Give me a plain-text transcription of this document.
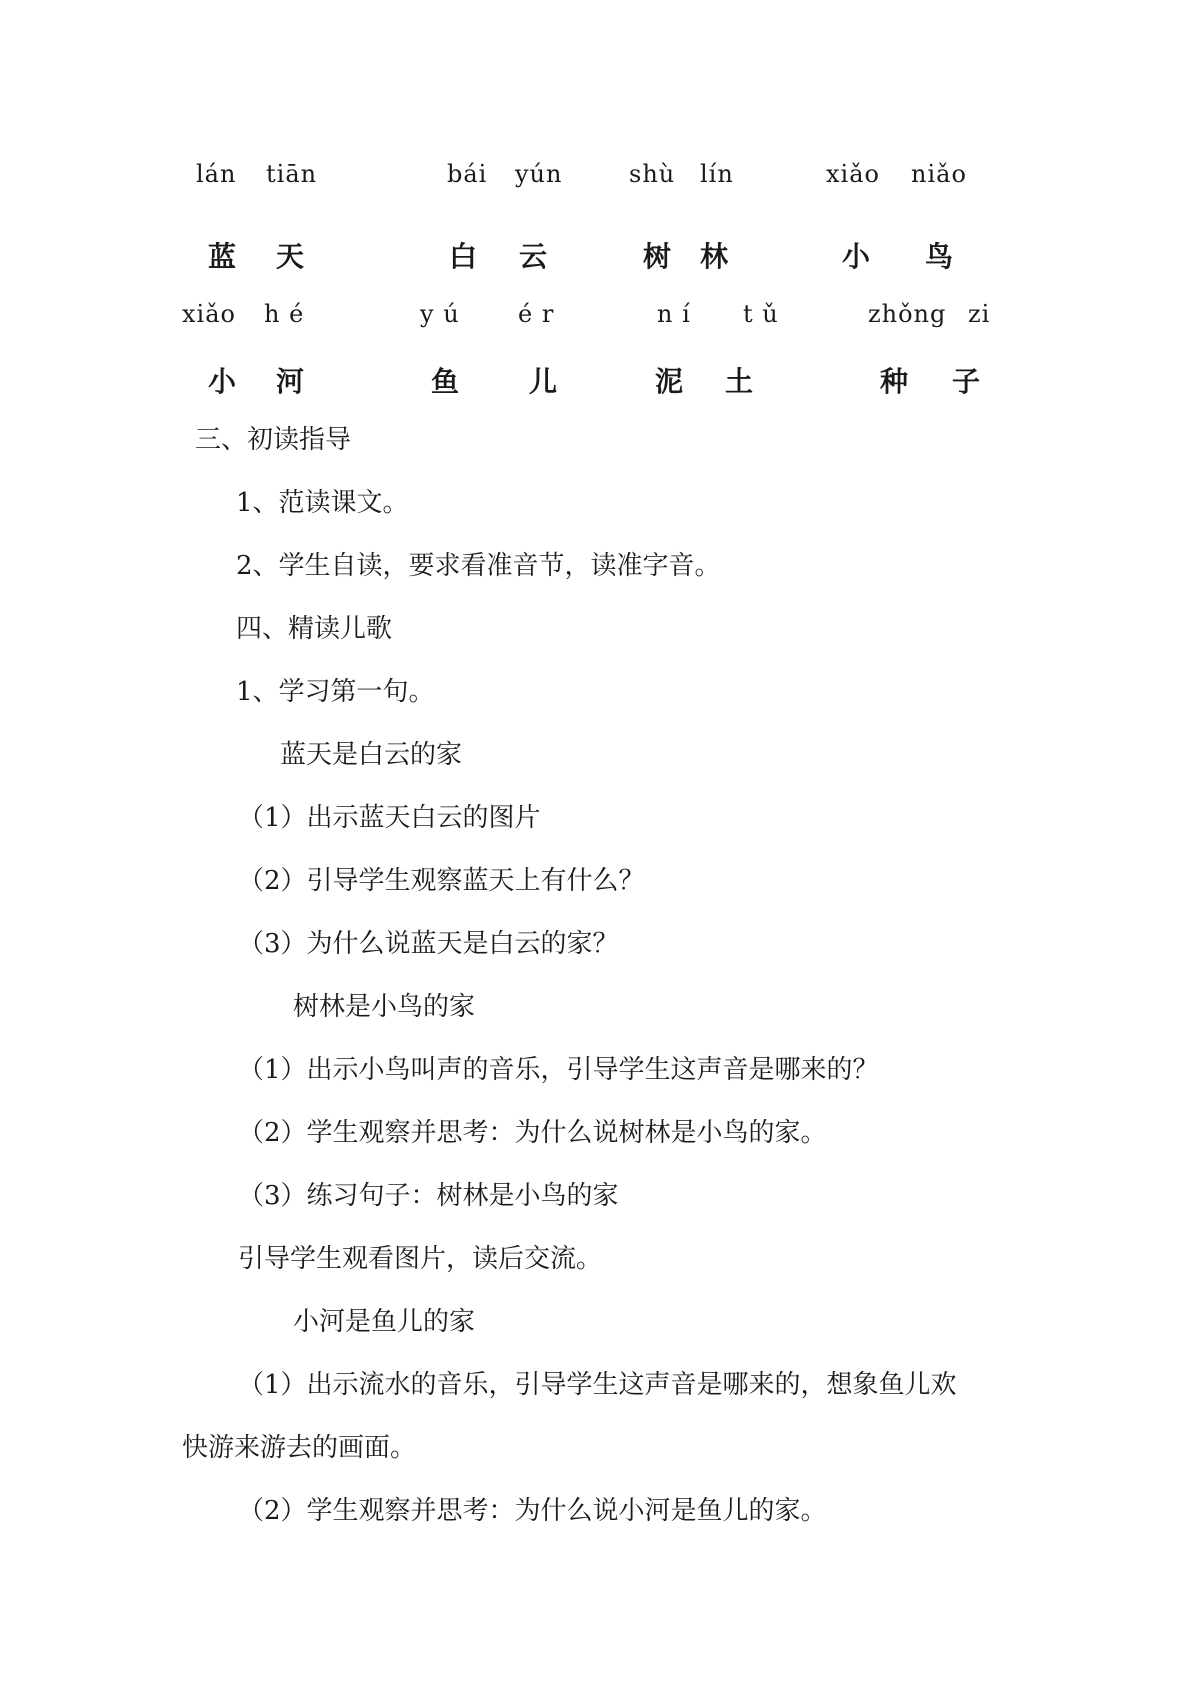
lán tiān	bái yún	shù lín	xiǎo niǎo
蓝 天	白 云	树 林	小 鸟
xiǎo h é	y ú é r	n í t ǔ	zhǒng zi
小 河	鱼 儿	泥 土	种 子
三、初读指导
1、范读课文。
2、学生自读，要求看准音节，读准字音。
四、精读儿歌
1、学习第一句。
蓝天是白云的家
（1）出示蓝天白云的图片
（2）引导学生观察蓝天上有什么？
（3）为什么说蓝天是白云的家？
树林是小鸟的家
（1）出示小鸟叫声的音乐，引导学生这声音是哪来的？
（2）学生观察并思考：为什么说树林是小鸟的家。
（3）练习句子：树林是小鸟的家
引导学生观看图片，读后交流。
小河是鱼儿的家
（1）出示流水的音乐，引导学生这声音是哪来的，想象鱼儿欢
快游来游去的画面。
（2）学生观察并思考：为什么说小河是鱼儿的家。
